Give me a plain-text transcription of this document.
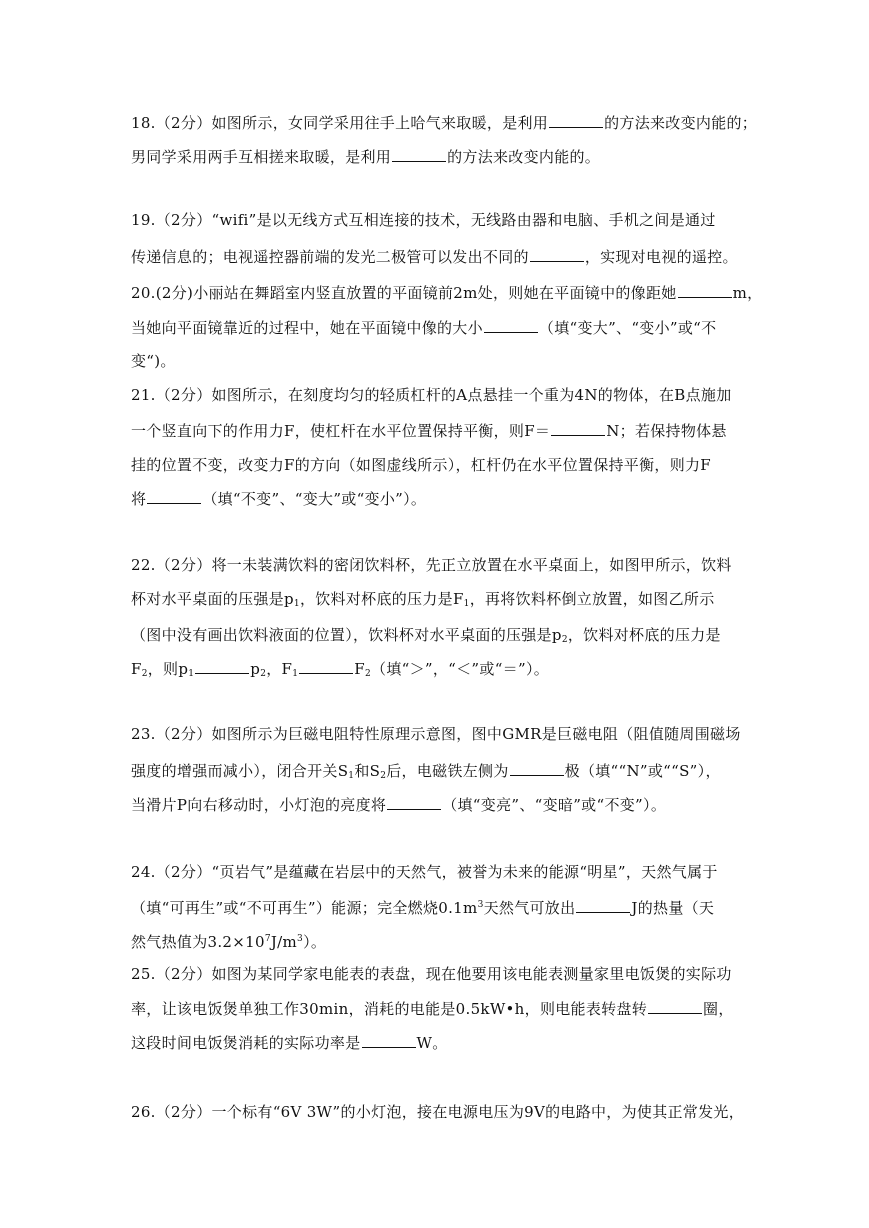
18.（2分）如图所示，女同学采用往手上哈气来取暖，是利用	的方法来改变内能的；
男同学采用两手互相搓来取暖，是利用	的方法来改变内能的。
19.（2分）“wifi”是以无线方式互相连接的技术，无线路由器和电脑、手机之间是通过
传递信息的；电视遥控器前端的发光二极管可以发出不同的	，实现对电视的遥控。
20.(2分)小丽站在舞蹈室内竖直放置的平面镜前2m处，则她在平面镜中的像距她	m，
当她向平面镜靠近的过程中，她在平面镜中像的大小	（填“变大”、“变小”或“不
变“)。
21.（2分）如图所示，在刻度均匀的轻质杠杆的A点悬挂一个重为4N的物体，在B点施加
一个竖直向下的作用力F，使杠杆在水平位置保持平衡，则F＝	N；若保持物体悬
挂的位置不变，改变力F的方向（如图虚线所示），杠杆仍在水平位置保持平衡，则力F
将	（填“不变”、“变大”或“变小”）。
22.（2分）将一未装满饮料的密闭饮料杯，先正立放置在水平桌面上，如图甲所示，饮料
杯对水平桌面的压强是$p_1$，饮料对杯底的压力是$F_1$，再将饮料杯倒立放置，如图乙所示
（图中没有画出饮料液面的位置），饮料杯对水平桌面的压强是$p_2$，饮料对杯底的压力是
$F_2$，则$p_1$	$p_2$，$F_1$	$F_2$（填“＞”，“＜”或“＝”）。
23.（2分）如图所示为巨磁电阻特性原理示意图，图中GMR是巨磁电阻（阻值随周围磁场
强度的增强而减小），闭合开关$S_1$和$S_2$后，电磁铁左侧为	极（填““N”或““S”），
当滑片P向右移动时，小灯泡的亮度将	（填“变亮”、“变暗”或“不变”）。
24.（2分）“页岩气”是蕴藏在岩层中的天然气，被誉为未来的能源“明星”，天然气属于
（填“可再生”或“不可再生”）能源；完全燃烧$0.1m^3$天然气可放出	J的热量（天
然气热值为$3.2\times 10^7J/m^3$）。
25.（2分）如图为某同学家电能表的表盘，现在他要用该电能表测量家里电饭煲的实际功
率，让该电饭煲单独工作30min，消耗的电能是0.5kW•h，则电能表转盘转	圈，
这段时间电饭煲消耗的实际功率是	W。
26.（2分）一个标有“6V 3W”的小灯泡，接在电源电压为9V的电路中，为使其正常发光，
